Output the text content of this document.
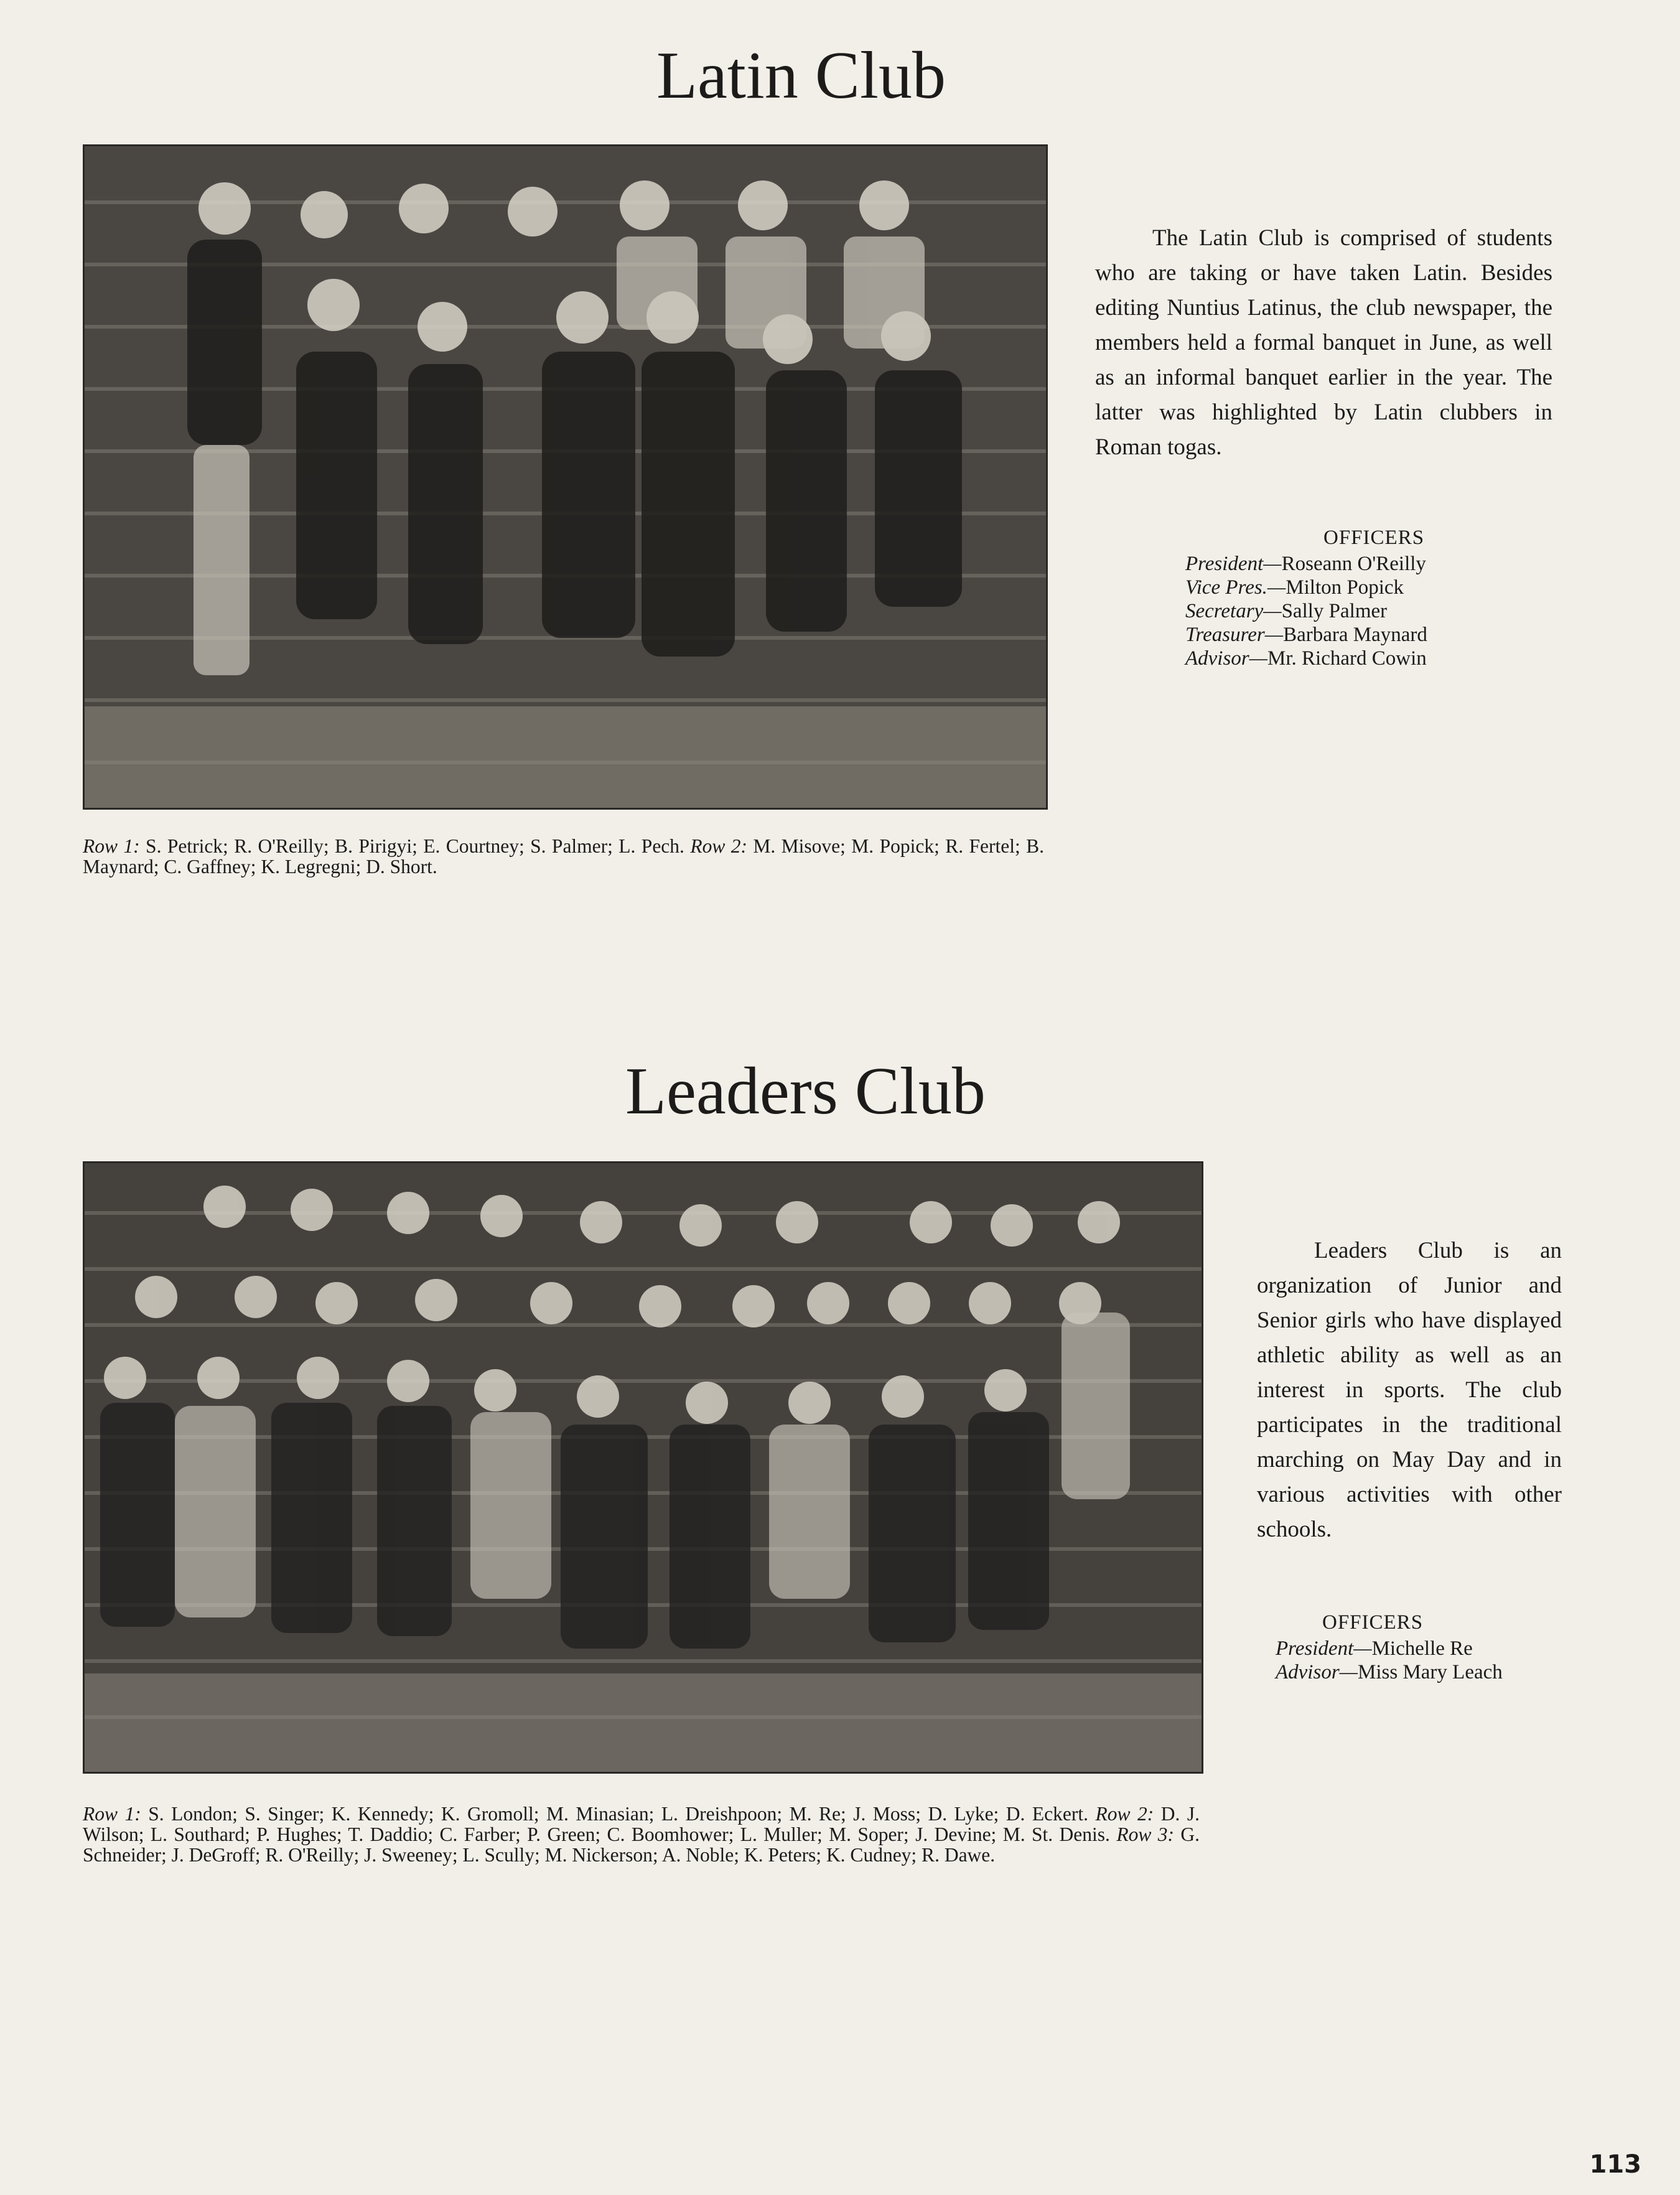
Latin Club
The Latin Club is comprised of students who are taking or have taken Latin. Besides editing Nuntius Latinus, the club newspaper, the members held a formal banquet in June, as well as an informal banquet earlier in the year. The latter was highlighted by Latin clubbers in Roman togas.
OFFICERS
President—Roseann O'Reilly
Vice Pres.—Milton Popick
Secretary—Sally Palmer
Treasurer—Barbara Maynard
Advisor—Mr. Richard Cowin
Row 1: S. Petrick; R. O'Reilly; B. Pirigyi; E. Courtney; S. Palmer; L. Pech. Row 2: M. Misove; M. Popick; R. Fertel; B. Maynard; C. Gaffney; K. Legregni; D. Short.
Leaders Club
Leaders Club is an organization of Junior and Senior girls who have displayed athletic ability as well as an interest in sports. The club participates in the traditional marching on May Day and in various activities with other schools.
OFFICERS
President—Michelle Re
Advisor—Miss Mary Leach
Row 1: S. London; S. Singer; K. Kennedy; K. Gromoll; M. Minasian; L. Dreishpoon; M. Re; J. Moss; D. Lyke; D. Eckert. Row 2: D. J. Wilson; L. Southard; P. Hughes; T. Daddio; C. Farber; P. Green; C. Boomhower; L. Muller; M. Soper; J. Devine; M. St. Denis. Row 3: G. Schneider; J. DeGroff; R. O'Reilly; J. Sweeney; L. Scully; M. Nickerson; A. Noble; K. Peters; K. Cudney; R. Dawe.
113
